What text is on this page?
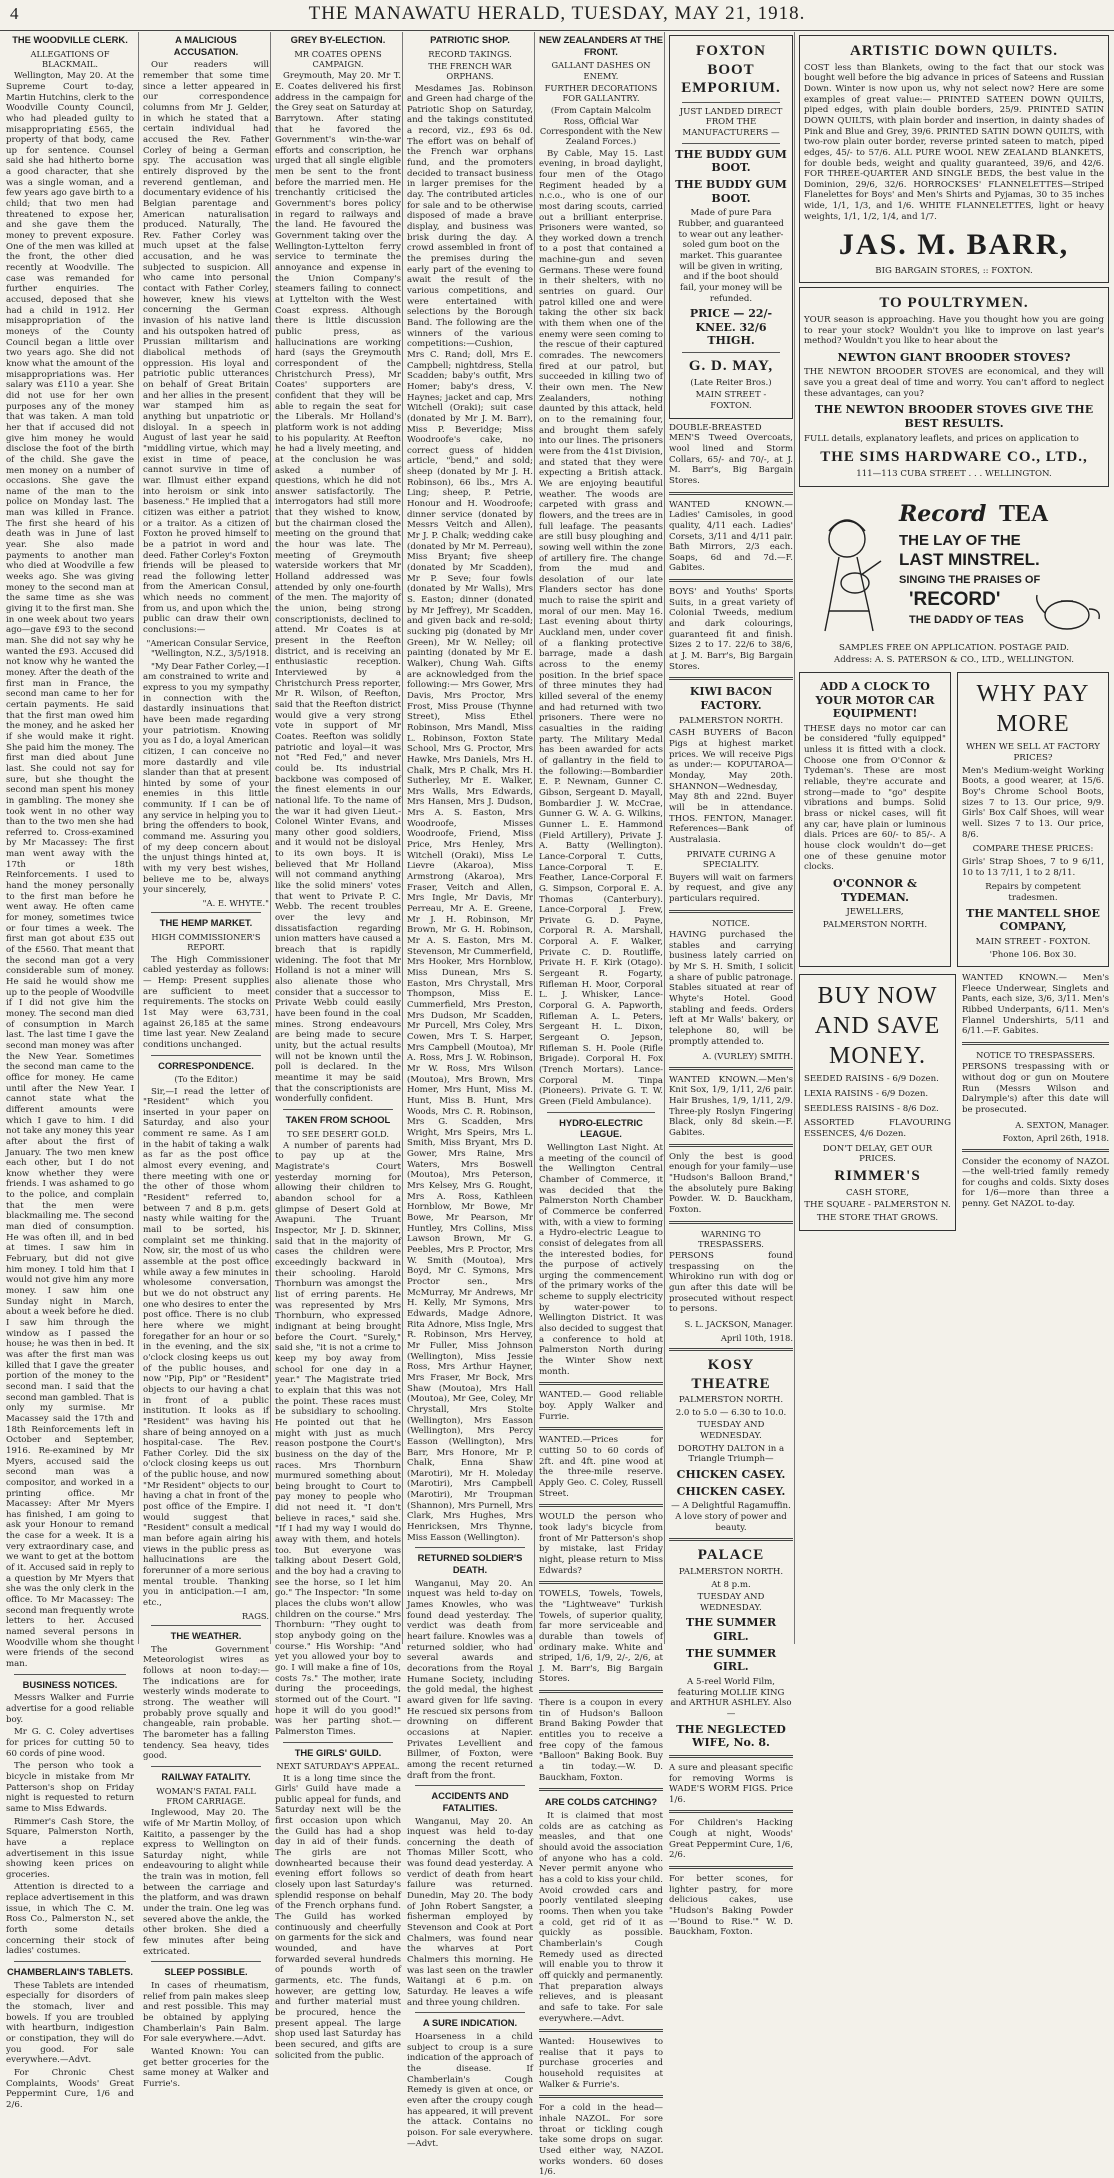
4	THE MANAWATU HERALD, TUESDAY, MAY 21, 1918.
THE WOODVILLE CLERK.
ALLEGATIONS OF BLACKMAIL.

Wellington, May 20. At the Supreme Court to-day, Martin Hutchins, clerk to the Woodville County Council, who had pleaded guilty to misappropriating £565, the property of that body, came up for sentence. Counsel said she had hitherto borne a good character, that she was a single woman, and a few years ago gave birth to a child; that two men had threatened to expose her, and she gave them the money to prevent exposure. One of the men was killed at the front, the other died recently at Woodville. The case was remanded for further enquiries. The accused, deposed that she had a child in 1912. Her misappropriation of the moneys of the County Council began a little over two years ago. She did not know what the amount of the misappropriations was. Her salary was £110 a year. She did not use for her own purposes any of the money that was taken. A man told her that if accused did not give him money he would disclose the foot of the birth of the child. She gave the men money on a number of occasions. She gave the name of the man to the police on Monday last. The man was killed in France. The first she heard of his death was in June of last year. She also made payments to another man who died at Woodville a few weeks ago. She was giving money to the second man at the same time as she was giving it to the first man. She in one week about two years ago—gave £93 to the second man. She did not say why he wanted the £93. Accused did not know why he wanted the money. After the death of the first man in France, the second man came to her for certain payments. He said that the first man owed him the money, and he asked her if she would make it right. She paid him the money. The first man died about June last. She could not say for sure, but she thought the second man spent his money in gambling. The money she took went in no other way than to the two men she had referred to. Cross-examined by Mr Macassey: The first man went away with the 17th or 18th Reinforcements. I used to hand the money personally to the first man before he went away. He often came for money, sometimes twice or four times a week. The first man got about £35 out of the £560. That meant that the second man got a very considerable sum of money. He said he would show me up to the people of Woodville if I did not give him the money. The second man died of consumption in March last. The last time I gave the second man money was after the New Year. Sometimes the second man came to the office for money. He came until after the New Year. I cannot state what the different amounts were which I gave to him. I did not take any money this year after about the first of January. The two men knew each other, but I do not know whether they were friends. I was ashamed to go to the police, and complain that the men were blackmailing me. The second man died of consumption. He was often ill, and in bed at times. I saw him in February, but did not give him money. I told him that I would not give him any more money. I saw him one Sunday night in March, about a week before he died. I saw him through the window as I passed the house; he was then in bed. It was after the first man was killed that I gave the greater portion of the money to the second man. I said that the second man gambled. That is only my surmise. Mr Macassey said the 17th and 18th Reinforcements left in October and September, 1916. Re-examined by Mr Myers, accused said the second man was a compositor, and worked in a printing office. Mr Macassey: After Mr Myers has finished, I am going to ask your Honour to remand the case for a week. It is a very extraordinary case, and we want to get at the bottom of it. Accused said in reply to a question by Mr Myers that she was the only clerk in the office. To Mr Macassey: The second man frequently wrote letters to her. Accused named several persons in Woodville whom she thought were friends of the second man.

BUSINESS NOTICES.

Messrs Walker and Furrie advertise for a good reliable boy.

Mr G. C. Coley advertises for prices for cutting 50 to 60 cords of pine wood.

The person who took a bicycle in mistake from Mr Patterson's shop on Friday night is requested to return same to Miss Edwards.

Rimmer's Cash Store, the Square, Palmerston North, have a replace advertisement in this issue showing keen prices on groceries.

Attention is directed to a replace advertisement in this issue, in which The C. M. Ross Co., Palmerston N., set forth some details concerning their stock of ladies' costumes.

CHAMBERLAIN'S TABLETS.

These Tablets are intended especially for disorders of the stomach, liver and bowels. If you are troubled with heartburn, indigestion or constipation, they will do you good. For sale everywhere.—Advt.

For Chronic Chest Complaints, Woods' Great Peppermint Cure, 1/6 and 2/6.

A MALICIOUS ACCUSATION.

Our readers will remember that some time since a letter appeared in our correspondence columns from Mr J. Gelder, in which he stated that a certain individual had accused the Rev. Father Corley of being a German spy. The accusation was entirely disproved by the reverend gentleman, and documentary evidence of his Belgian parentage and American naturalisation produced. Naturally, The Rev. Father Corley was much upset at the false accusation, and he was subjected to suspicion. All who came into personal contact with Father Corley, however, knew his views concerning the German invasion of his native land and his outspoken hatred of Prussian militarism and diabolical methods of oppression. His loyal and patriotic public utterances on behalf of Great Britain and her allies in the present war stamped him as anything but unpatriotic or disloyal. In a speech in August of last year he said "middling virtue, which may exist in time of peace, cannot survive in time of war. Illmust either expand into heroism or sink into baseness." He implied that a citizen was either a patriot or a traitor. As a citizen of Foxton he proved himself to be a patriot in word and deed. Father Corley's Foxton friends will be pleased to read the following letter from the American Consul, which needs no comment from us, and upon which the public can draw their own conclusions:—

"American Consular Service, "Wellington, N.Z., 3/5/1918.

"My Dear Father Corley,—I am constrained to write and express to you my sympathy in connection with the dastardly insinuations that have been made regarding your patriotism. Knowing you as I do, a loyal American citizen, I can conceive no more dastardly and vile slander than that at present hinted by some of your enemies in this little community. If I can be of any service in helping you to bring the offenders to book, command me. Assuring you of my deep concern about the unjust things hinted at, with my very best wishes, believe me to be, always your sincerely,

"A. E. WHYTE."
THE HEMP MARKET.
HIGH COMMISSIONER'S REPORT.

The High Commissioner cabled yesterday as follows:— Hemp: Present supplies are sufficient to meet requirements. The stocks on 1st May were 63,731, against 26,185 at the same time last year. New Zealand conditions unchanged.

CORRESPONDENCE.
(To the Editor.)

Sir,—I read the letter of "Resident" which you inserted in your paper on Saturday, and also your comment re same. As I am in the habit of taking a walk as far as the post office almost every evening, and there meeting with one or the other of those whom "Resident" referred to, between 7 and 8 p.m. gets nasty while waiting for the mail to be sorted, his complaint set me thinking. Now, sir, the most of us who assemble at the post office while away a few minutes in wholesome conversation, but we do not obstruct any one who desires to enter the post office. There is no club here where we might foregather for an hour or so in the evening, and the six o'clock closing keeps us out of the public houses, and now "Pip, Pip" or "Resident" objects to our having a chat in front of a public institution. It looks as if "Resident" was having his share of being annoyed on a hospital-case. The Rev. Father Corley. Did the six o'clock closing keeps us out of the public house, and now "Mr Resident" objects to our having a chat in front of the post office of the Empire. I would suggest that "Resident" consult a medical man before again airing his views in the public press as hallucinations are the forerunner of a more serious mental trouble. Thanking you in anticipation.—I am, etc.,

RAGS.
THE WEATHER.

The Government Meteorologist wires as follows at noon to-day:— The indications are for westerly winds moderate to strong. The weather will probably prove squally and changeable, rain probable. The barometer has a falling tendency. Sea heavy, tides good.

RAILWAY FATALITY.
WOMAN'S FATAL FALL FROM CARRIAGE.

Inglewood, May 20. The wife of Mr Martin Molloy, of Kaitito, a passenger by the express to Wellington on Saturday night, while endeavouring to alight while the train was in motion, fell between the carriage and the platform, and was drawn under the train. One leg was severed above the ankle, the other broken. She died a few minutes after being extricated.

SLEEP POSSIBLE.

In cases of rheumatism, relief from pain makes sleep and rest possible. This may be obtained by applying Chamberlain's Pain Balm. For sale everywhere.—Advt.

Wanted Known: You can get better groceries for the same money at Walker and Furrie's.

GREY BY-ELECTION.
MR COATES OPENS CAMPAIGN.

Greymouth, May 20. Mr T. E. Coates delivered his first address in the campaign for the Grey seat on Saturday at Barrytown. After stating that he favored the Government's win-the-war efforts and conscription, he urged that all single eligible men be sent to the front before the married men. He trenchantly criticised the Government's bores policy in regard to railways and the land. He favoured the Government taking over the Wellington-Lyttelton ferry service to terminate the annoyance and expense in the Union Company's steamers failing to connect at Lyttelton with the West Coast express. Although there is little discussion public press, as hallucinations are working hard (says the Greymouth correspondent of the Christchurch Press), Mr Coates' supporters are confident that they will be able to regain the seat for the Liberals. Mr Holland's platform work is not adding to his popularity. At Reefton he had a lively meeting, and at the conclusion he was asked a number of questions, which he did not answer satisfactorily. The interrogators had still more that they wished to know, but the chairman closed the meeting on the ground that the hour was late. The meeting of Greymouth waterside workers that Mr Holland addressed was attended by only one-fourth of the men. The majority of the union, being strong conscriptionists, declined to attend. Mr Coates is at present in the Reefton district, and is receiving an enthusiastic reception. Interviewed by a Christchurch Press reporter, Mr R. Wilson, of Reefton, said that the Reefton district would give a very strong vote in support of Mr Coates. Reefton was solidly patriotic and loyal—it was not "Red Fed," and never could be. Its industrial backbone was composed of the finest elements in our national life. To the name of the war it had given Lieut.-Colonel Winter Evans, and many other good soldiers, and it would not be disloyal to its own boys. It is believed that Mr Holland will not command anything like the solid miners' votes that went to Private P. C. Webb. The recent troubles over the levy and dissatisfaction regarding union matters have caused a breach that is rapidly widening. The foot that Mr Holland is not a miner will also alienate those who consider that a successor to Private Webb could easily have been found in the coal mines. Strong endeavours are being made to secure unity, but the actual results will not be known until the poll is declared. In the meantime it may be said that the conscriptionists are wonderfully confident.

TAKEN FROM SCHOOL
TO SEE DESERT GOLD.

A number of parents had to pay up at the Magistrate's Court yesterday morning for allowing their children to abandon school for a glimpse of Desert Gold at Awapuni. The Truant Inspector, Mr J. D. Skinner, said that in the majority of cases the children were exceedingly backward in their schooling. Harold Thornburn was amongst the list of erring parents. He was represented by Mrs Thornburn, who expressed indignant at being brought before the Court. "Surely," said she, "it is not a crime to keep my boy away from school for one day in a year." The Magistrate tried to explain that this was not the point. These races must be subsidiary to schooling. He pointed out that he might with just as much reason postpone the Court's business on the day of the races. Mrs Thornburn murmured something about being brought to Court to pay money to people who did not need it. "I don't believe in races," said she. "If I had my way I would do away with them, and hotels too. But everyone was talking about Desert Gold, and the boy had a craving to see the horse, so I let him go." The Inspector: "In some places the clubs won't allow children on the course." Mrs Thornburn: "They ought to stop anybody going on the course." His Worship: "And yet you allowed your boy to go. I will make a fine of 10s, costs 7s." The mother, irate during the proceedings, stormed out of the Court. "I hope it will do you good!" was her parting shot.—Palmerston Times.

THE GIRLS' GUILD.
NEXT SATURDAY'S APPEAL.

It is a long time since the Girls' Guild have made a public appeal for funds, and Saturday next will be the first occasion upon which the Guild has had a shop day in aid of their funds. The girls are not downhearted because their evening effort follows so closely upon last Saturday's splendid response on behalf of the French orphans fund. The Guild has worked continuously and cheerfully on garments for the sick and wounded, and have forwarded several hundreds of pounds worth of garments, etc. The funds, however, are getting low, and further material must be procured, hence the present appeal. The large shop used last Saturday has been secured, and gifts are solicited from the public.

PATRIOTIC SHOP.
RECORD TAKINGS.
THE FRENCH WAR ORPHANS.

Mesdames Jas. Robinson and Green had charge of the Patriotic Shop on Saturday, and the takings constituted a record, viz., £93 6s 0d. The effort was on behalf of the French war orphans fund, and the promoters decided to transact business in larger premises for the day. The contributed articles for sale and to be otherwise disposed of made a brave display, and business was brisk during the day. A crowd assembled in front of the premises during the early part of the evening to await the result of the various competitions, and were entertained with selections by the Borough Band. The following are the winners of the various competitions:—Cushion, Mrs C. Rand; doll, Mrs E. Campbell; nightdress, Stella Scadden; baby's outfit, Mrs Homer; baby's dress, V. Haynes; jacket and cap, Mrs Witchell (Oraki); suit case (donated by Mr J. M. Barr), Miss P. Beveridge; Miss Woodroofe's cake, no correct guess of hidden article, "bend," and sold; sheep (donated by Mr J. H. Robinson), 66 lbs., Mrs A. Ling; sheep, P. Petrie, Honour and H. Woodroofe; dinner service (donated by Messrs Veitch and Allen), Mr J. P. Chalk; wedding cake (donated by Mr M. Perreau), Miss Bryant; five sheep (donated by Mr Scadden), Mr P. Seve; four fowls (donated by Mr Walls), Mrs S. Easton; dinner (donated by Mr Jeffrey), Mr Scadden, and given back and re-sold; sucking pig (donated by Mr Green), Mr W. Nelley; oil painting (donated by Mr E. Walker), Chung Wah. Gifts are acknowledged from the following:— Mrs Gower, Mrs Davis, Mrs Proctor, Mrs Frost, Miss Prouse (Thynne Street), Miss Ethel Robinson, Mrs Mandl, Miss L. Robinson, Foxton State School, Mrs G. Proctor, Mrs Hawke, Mrs Daniels, Mrs H. Chalk, Mrs P. Chalk, Mrs H. Sutherley, Mr E. Walker, Mrs Walls, Mrs Edwards, Mrs Hansen, Mrs J. Dudson, Mrs A. S. Easton, Mrs Woodroofe, Misses Woodroofe, Friend, Miss Price, Mrs Henley, Mrs Witchell (Oraki), Miss Le Lievre (Akaroa), Miss Armstrong (Akaroa), Mrs Fraser, Veitch and Allen, Mrs Ingle, Mr Davis, Mr Perreau, Mr A. E. Greene, Mr J. H. Robinson, Mr Brown, Mr G. H. Robinson, Mr A. S. Easton, Mrs M. Stevenson, Mr Cummerfield, Mrs Hooker, Mrs Hornblow, Miss Dunean, Mrs S. Easton, Mrs Chrystall, Mrs Thompson, Miss E. Cummerfield, Mrs Preston, Mrs Dudson, Mr Scadden, Mr Purcell, Mrs Coley, Mrs Cowen, Mrs T. S. Harper, Mrs Campbell (Moutoa), Mr A. Ross, Mrs J. W. Robinson, Mr W. Ross, Mrs Wilson (Moutoa), Mrs Brown, Mrs Homer, Mrs Hunt, Miss M. Hunt, Miss B. Hunt, Mrs Woods, Mrs C. R. Robinson, Mrs G. Scadden, Mrs Wright, Mrs Speirs, Mrs L. Smith, Miss Bryant, Mrs D. Gower, Mrs Raine, Mrs Waters, Mrs Boswell (Moutoa), Mrs Peterson, Mrs Kelsey, Mrs G. Rought, Mrs A. Ross, Kathleen Hornblow, Mr Bowe, Mr Bowe, Mr Pearson, Mr Huntley, Mrs Collins, Miss Lawson Brown, Mr G. Peebles, Mrs P. Proctor, Mrs W. Smith (Moutoa), Mrs Boyd, Mr C. Symons, Mrs Proctor sen., Mrs McMurray, Mr Andrews, Mr H. Kelly, Mr Symons, Mrs Edwards, Madge Adnore, Rita Adnore, Miss Ingle, Mrs R. Robinson, Mrs Hervey, Mr Fuller, Miss Johnson (Wellington), Miss Jessie Ross, Mrs Arthur Hayner, Mrs Fraser, Mr Bock, Mrs Shaw (Moutoa), Mrs Hall (Moutoa), Mr Gee, Coley, Mr Chrystall, Mrs Stolte (Wellington), Mrs Easson (Wellington), Mrs Percy Easson (Wellington), Mrs Barr, Mrs Honore, Mr P. Chalk, Enna Shaw (Marotiri), Mr H. Moleday (Marotiri), Mrs Campbell (Marotiri), Mr Troupman (Shannon), Mrs Purnell, Mrs Clark, Mrs Hughes, Mrs Henricksen, Mrs Thynne, Miss Easson (Wellington).

RETURNED SOLDIER'S DEATH.

Wanganui, May 20. An inquest was held to-day on James Knowles, who was found dead yesterday. The verdict was death from heart failure. Knowles was a returned soldier, who had several awards and decorations from the Royal Humane Society, including the gold medal, the highest award given for life saving. He rescued six persons from drowning on different occasions at Napier. Privates Levellient and Billmer, of Foxton, were among the recent returned draft from the front.

ACCIDENTS AND FATALITIES.

Wanganui, May 20. An inquest was held to-day concerning the death of Thomas Miller Scott, who was found dead yesterday. A verdict of death from heart failure was returned. Dunedin, May 20. The body of John Robert Sangster, a fisherman employed by Stevenson and Cook at Port Chalmers, was found near the wharves at Port Chalmers this morning. He was last seen on the trawler Waitangi at 6 p.m. on Saturday. He leaves a wife and three young children.

A SURE INDICATION.

Hoarseness in a child subject to croup is a sure indication of the approach of the disease. If Chamberlain's Cough Remedy is given at once, or even after the croupy cough has appeared, it will prevent the attack. Contains no poison. For sale everywhere.—Advt.

NEW ZEALANDERS AT THE FRONT.
GALLANT DASHES ON ENEMY.
FURTHER DECORATIONS FOR GALLANTRY.
(From Captain Malcolm Ross, Official War Correspondent with the New Zealand Forces.)

By Cable, May 15. Last evening, in broad daylight, four men of the Otago Regiment headed by a n.c.o., who is one of our most daring scouts, carried out a brilliant enterprise. Prisoners were wanted, so they worked down a trench to a post that contained a machine-gun and seven Germans. These were found in their shelters, with no sentries on guard. Our patrol killed one and were taking the other six back with them when one of the enemy were seen coming to the rescue of their captured comrades. The newcomers fired at our patrol, but succeeded in killing two of their own men. The New Zealanders, nothing daunted by this attack, held on to the remaining four, and brought them safely into our lines. The prisoners were from the 41st Division, and stated that they were expecting a British attack. We are enjoying beautiful weather. The woods are carpeted with grass and flowers, and the trees are in full leafage. The peasants are still busy ploughing and sowing well within the zone of artillery fire. The change from the mud and desolation of our late Flanders sector has done much to raise the spirit and moral of our men. May 16. Last evening about thirty Auckland men, under cover of a flanking protective barrage, made a dash across to the enemy position. In the brief space of three minutes they had killed several of the enemy and had returned with two prisoners. There were no casualties in the raiding party. The Military Medal has been awarded for acts of gallantry in the field to the following:—Bombardier E. P. Newnam, Gunner C. Gibson, Sergeant D. Mayall, Bombardier J. W. McCrae, Gunner G. W. A. G. Wilkins, Gunner L. E. Hammond (Field Artillery), Private J. A. Batty (Wellington). Lance-Corporal T. Cutts, Lance-Corporal T. E. Feather, Lance-Corporal F. G. Simpson, Corporal E. A. Thomas (Canterbury). Lance-Corporal J. Frew, Private G. D. Payne, Corporal R. A. Marshall, Corporal A. F. Walker, Private C. D. Routliffe, Private H. F. Kirk (Otago). Sergeant R. Fogarty, Rifleman H. Moor, Corporal L. J. Whisker, Lance-Corporal G. A. Papworth, Rifleman A. L. Peters, Sergeant H. L. Dixon, Sergeant O. Jepson, Rifleman S. H. Poole (Rifle Brigade). Corporal H. Fox (Trench Mortars). Lance-Corporal M. Tinpa (Pioneers). Private G. T. W. Green (Field Ambulance).

HYDRO-ELECTRIC LEAGUE.

Wellington Last Night. At a meeting of the council of the Wellington Central Chamber of Commerce, it was decided that the Palmerston North Chamber of Commerce be conferred with, with a view to forming a Hydro-electric League to consist of delegates from all the interested bodies, for the purpose of actively urging the commencement of the primary works of the scheme to supply electricity by water-power to Wellington District. It was also decided to suggest that a conference to hold at Palmerston North during the Winter Show next month.

WANTED.— Good reliable boy. Apply Walker and Furrie.
WANTED.—Prices for cutting 50 to 60 cords of 2ft. and 4ft. pine wood at the three-mile reserve. Apply Geo. C. Coley, Russell Street.
WOULD the person who took lady's bicycle from front of Mr Patterson's shop by mistake, last Friday night, please return to Miss Edwards?
TOWELS, Towels, Towels, the "Lightweave" Turkish Towels, of superior quality, far more serviceable and durable than towels of ordinary make. White and striped, 1/6, 1/9, 2/-, 2/6, at J. M. Barr's, Big Bargain Stores.
There is a coupon in every tin of Hudson's Balloon Brand Baking Powder that entitles you to receive a free copy of the famous "Balloon" Baking Book. Buy a tin today.—W. D. Bauckham, Foxton.
ARE COLDS CATCHING?

It is claimed that most colds are as catching as measles, and that one should avoid the association of anyone who has a cold. Never permit anyone who has a cold to kiss your child. Avoid crowded cars and poorly ventilated sleeping rooms. Then when you take a cold, get rid of it as quickly as possible. Chamberlain's Cough Remedy used as directed will enable you to throw it off quickly and permanently. That preparation always relieves, and is pleasant and safe to take. For sale everywhere.—Advt.

Wanted: Housewives to realise that it pays to purchase groceries and household requisites at Walker & Furrie's.
For a cold in the head—inhale NAZOL. For sore throat or tickling cough take some drops on sugar. Used either way, NAZOL works wonders. 60 doses 1/6.
FOXTON BOOT EMPORIUM.
JUST LANDED DIRECT FROM THE MANUFACTURERS —
THE BUDDY GUM BOOT.
THE BUDDY GUM BOOT.
Made of pure Para Rubber, and guaranteed to wear out any leather-soled gum boot on the market. This guarantee will be given in writing, and if the boot should fail, your money will be refunded.
PRICE — 22/- KNEE. 32/6 THIGH.
G. D. MAY,
(Late Reiter Bros.)
MAIN STREET - FOXTON.
DOUBLE-BREASTED MEN'S Tweed Overcoats, wool lined and Storm Collars, 65/- and 70/-, at J. M. Barr's, Big Bargain Stores.
WANTED KNOWN.— Ladies' Camisoles, in good quality, 4/11 each. Ladies' Corsets, 3/11 and 4/11 pair. Bath Mirrors, 2/3 each. Soaps, 6d and 7d.—F. Gabites.
BOYS' and Youths' Sports Suits, in a great variety of Colonial Tweeds, medium and dark colourings, guaranteed fit and finish. Sizes 2 to 17. 22/6 to 38/6, at J. M. Barr's, Big Bargain Stores.
KIWI BACON FACTORY.
PALMERSTON NORTH.
CASH BUYERS of Bacon Pigs at highest market prices. We will receive Pigs as under:— KOPUTAROA—Monday, May 20th. SHANNON—Wednesday, May 8th and 22nd. Buyer will be in attendance. THOS. FENTON, Manager. References—Bank of Australasia.
PRIVATE CURING A SPECIALITY.
Buyers will wait on farmers by request, and give any particulars required.
NOTICE.
HAVING purchased the stables and carrying business lately carried on by Mr S. H. Smith, I solicit a share of public patronage. Stables situated at rear of Whyte's Hotel. Good stabling and feeds. Orders left at Mr Walls' bakery, or telephone 80, will be promptly attended to.
A. (VURLEY) SMITH.
WANTED KNOWN.—Men's Knit Sox, 1/9, 1/11, 2/6 pair. Hair Brushes, 1/9, 1/11, 2/9. Three-ply Roslyn Fingering Black, only 8d skein.—F. Gabites.
Only the best is good enough for your family—use "Hudson's Balloon Brand," the absolutely pure Baking Powder. W. D. Bauckham, Foxton.
WARNING TO TRESPASSERS.
PERSONS found trespassing on the Whirokino run with dog or gun after this date will be prosecuted without respect to persons.
S. L. JACKSON, Manager.
April 10th, 1918.
KOSY THEATRE
PALMERSTON NORTH.
2.0 to 5.0 — 6.30 to 10.0.
TUESDAY AND WEDNESDAY.
DOROTHY DALTON in a Triangle Triumph—
CHICKEN CASEY.
CHICKEN CASEY.
— A Delightful Ragamuffin. A love story of power and beauty.
PALACE
PALMERSTON NORTH.
At 8 p.m.
TUESDAY AND WEDNESDAY.
THE SUMMER GIRL.
THE SUMMER GIRL.
A 5-reel World Film, featuring MOLLIE KING and ARTHUR ASHLEY. Also—
THE NEGLECTED WIFE, No. 8.
A sure and pleasant specific for removing Worms is WADE'S WORM FIGS. Price 1/6.
For Children's Hacking Cough at night, Woods' Great Peppermint Cure, 1/6, 2/6.
For better scones, for lighter pastry, for more delicious cakes, use "Hudson's Baking Powder—'Bound to Rise.'" W. D. Bauckham, Foxton.
ARTISTIC DOWN QUILTS.
COST less than Blankets, owing to the fact that our stock was bought well before the big advance in prices of Sateens and Russian Down. Winter is now upon us, why not select now? Here are some examples of great value:— PRINTED SATEEN DOWN QUILTS, piped edges, with plain double borders, 25/9. PRINTED SATIN DOWN QUILTS, with plain border and insertion, in dainty shades of Pink and Blue and Grey, 39/6. PRINTED SATIN DOWN QUILTS, with two-row plain outer border, reverse printed sateen to match, piped edges, 45/- to 57/6. ALL PURE WOOL NEW ZEALAND BLANKETS, for double beds, weight and quality guaranteed, 39/6, and 42/6. FOR THREE-QUARTER AND SINGLE BEDS, the best value in the Dominion, 29/6, 32/6. HORROCKSES' FLANNELETTES—Striped Flanelettes for Boys' and Men's Shirts and Pyjamas, 30 to 35 inches wide, 1/1, 1/3, and 1/6. WHITE FLANNELETTES, light or heavy weights, 1/1, 1/2, 1/4, and 1/7.
JAS. M. BARR,
BIG BARGAIN STORES, :: FOXTON.
TO POULTRYMEN.
YOUR season is approaching. Have you thought how you are going to rear your stock? Wouldn't you like to improve on last year's method? Wouldn't you like to hear about the
NEWTON GIANT BROODER STOVES?
THE NEWTON BROODER STOVES are economical, and they will save you a great deal of time and worry. You can't afford to neglect these advantages, can you?
THE NEWTON BROODER STOVES GIVE THE BEST RESULTS.
FULL details, explanatory leaflets, and prices on application to
THE SIMS HARDWARE CO., LTD.,
111—113 CUBA STREET . . . WELLINGTON.
Record TEA
THE LAY OF THE
LAST MINSTREL.
SINGING THE PRAISES OF
'RECORD'
THE DADDY OF TEAS
SAMPLES FREE ON APPLICATION. POSTAGE PAID.
Address: A. S. PATERSON & CO., LTD., WELLINGTON.
ADD A CLOCK TO YOUR MOTOR CAR EQUIPMENT!
THESE days no motor car can be considered "fully equipped" unless it is fitted with a clock. Choose one from O'Connor & Tydeman's. These are most reliable, they're accurate and strong—made to "go" despite vibrations and bumps. Solid brass or nickel cases, will fit any car, have plain or luminous dials. Prices are 60/- to 85/-. A house clock wouldn't do—get one of these genuine motor clocks.
O'CONNOR & TYDEMAN.
JEWELLERS,
PALMERSTON NORTH.
WHY PAY MORE
WHEN WE SELL AT FACTORY PRICES?
Men's Medium-weight Working Boots, a good wearer, at 15/6. Boy's Chrome School Boots, sizes 7 to 13. Our price, 9/9. Girls' Box Calf Shoes, will wear well. Sizes 7 to 13. Our price, 8/6.
COMPARE THESE PRICES:
Girls' Strap Shoes, 7 to 9 6/11, 10 to 13 7/11, 1 to 2 8/11.
Repairs by competent tradesmen.
THE MANTELL SHOE COMPANY,
MAIN STREET - FOXTON.
'Phone 106. Box 30.
BUY NOW AND SAVE MONEY.
SEEDED RAISINS - 6/9 Dozen.
LEXIA RAISINS - 6/9 Dozen.
SEEDLESS RAISINS - 8/6 Doz.
ASSORTED FLAVOURING ESSENCES, 4/6 Dozen.
DON'T DELAY, GET OUR PRICES.
RIMMER'S
CASH STORE,
THE SQUARE - PALMERSTON N.
THE STORE THAT GROWS.
WANTED KNOWN.— Men's Fleece Underwear, Singlets and Pants, each size, 3/6, 3/11. Men's Ribbed Underpants, 6/11. Men's Flannel Undershirts, 5/11 and 6/11.—F. Gabites.
NOTICE TO TRESPASSERS.
PERSONS trespassing with or without dog or gun on Moutere Run (Messrs Wilson and Dalrymple's) after this date will be prosecuted.
A. SEXTON, Manager.
Foxton, April 26th, 1918.
Consider the economy of NAZOL—the well-tried family remedy for coughs and colds. Sixty doses for 1/6—more than three a penny. Get NAZOL to-day.
